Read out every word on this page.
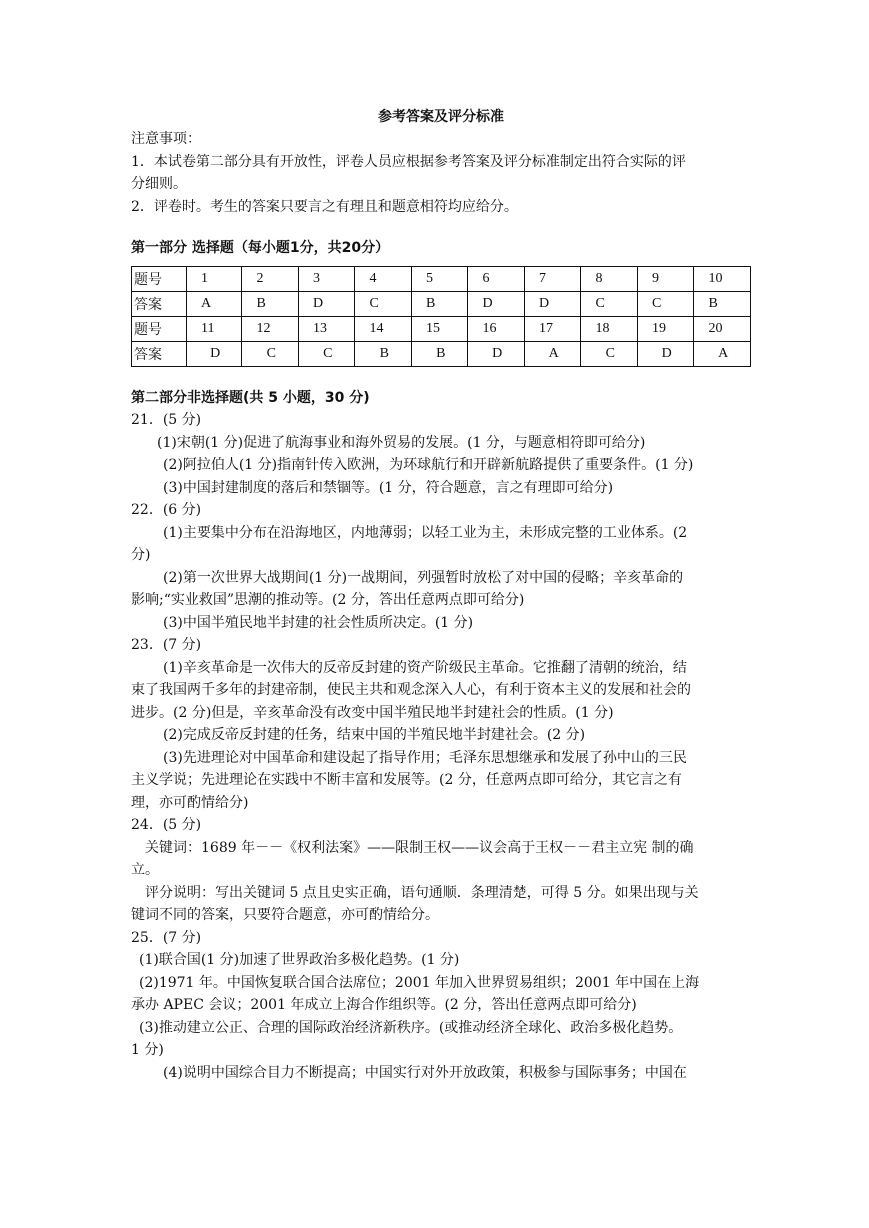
参考答案及评分标准

注意事项：

1．本试卷第二部分具有开放性，评卷人员应根据参考答案及评分标准制定出符合实际的评

分细则。

2．评卷时。考生的答案只要言之有理且和题意相符均应给分。

第一部分 选择题（每小题1分，共20分）

题号	1	2	3	4	5	6	7	8	9	10
答案	A	B	D	C	B	D	D	C	C	B
题号	11	12	13	14	15	16	17	18	19	20
答案	D	C	C	B	B	D	A	C	D	A

第二部分非选择题(共 5 小题，30 分)

21．(5 分)

(1)宋朝(1 分)促进了航海事业和海外贸易的发展。(1 分，与题意相符即可给分)

(2)阿拉伯人(1 分)指南针传入欧洲，为环球航行和开辟新航路提供了重要条件。(1 分)

(3)中国封建制度的落后和禁锢等。(1 分，符合题意，言之有理即可给分)

22．(6 分)

(1)主要集中分布在沿海地区，内地薄弱；以轻工业为主，未形成完整的工业体系。(2

分)

(2)第一次世界大战期间(1 分)一战期间，列强暂时放松了对中国的侵略；辛亥革命的

影响;“实业救国”思潮的推动等。(2 分，答出任意两点即可给分)

(3)中国半殖民地半封建的社会性质所决定。(1 分)

23．(7 分)

(1)辛亥革命是一次伟大的反帝反封建的资产阶级民主革命。它推翻了清朝的统治，结

束了我国两千多年的封建帝制，使民主共和观念深入人心，有利于资本主义的发展和社会的

进步。(2 分)但是，辛亥革命没有改变中国半殖民地半封建社会的性质。(1 分)

(2)完成反帝反封建的任务，结束中国的半殖民地半封建社会。(2 分)

(3)先进理论对中国革命和建设起了指导作用；毛泽东思想继承和发展了孙中山的三民

主义学说；先进理论在实践中不断丰富和发展等。(2 分，任意两点即可给分，其它言之有

理，亦可酌情给分)

24．(5 分)

关键词：1689 年－－《权利法案》——限制王权——议会高于王权－－君主立宪 制的确

立。

评分说明：写出关键词 5 点且史实正确，语句通顺．条理清楚，可得 5 分。如果出现与关

键词不同的答案，只要符合题意，亦可酌情给分。

25．(7 分)

(1)联合国(1 分)加速了世界政治多极化趋势。(1 分)

(2)1971 年。中国恢复联合国合法席位；2001 年加入世界贸易组织；2001 年中国在上海

承办 APEC 会议；2001 年成立上海合作组织等。(2 分，答出任意两点即可给分)

(3)推动建立公正、合理的国际政治经济新秩序。(或推动经济全球化、政治多极化趋势。

1 分)

(4)说明中国综合目力不断提高；中国实行对外开放政策，积极参与国际事务；中国在
